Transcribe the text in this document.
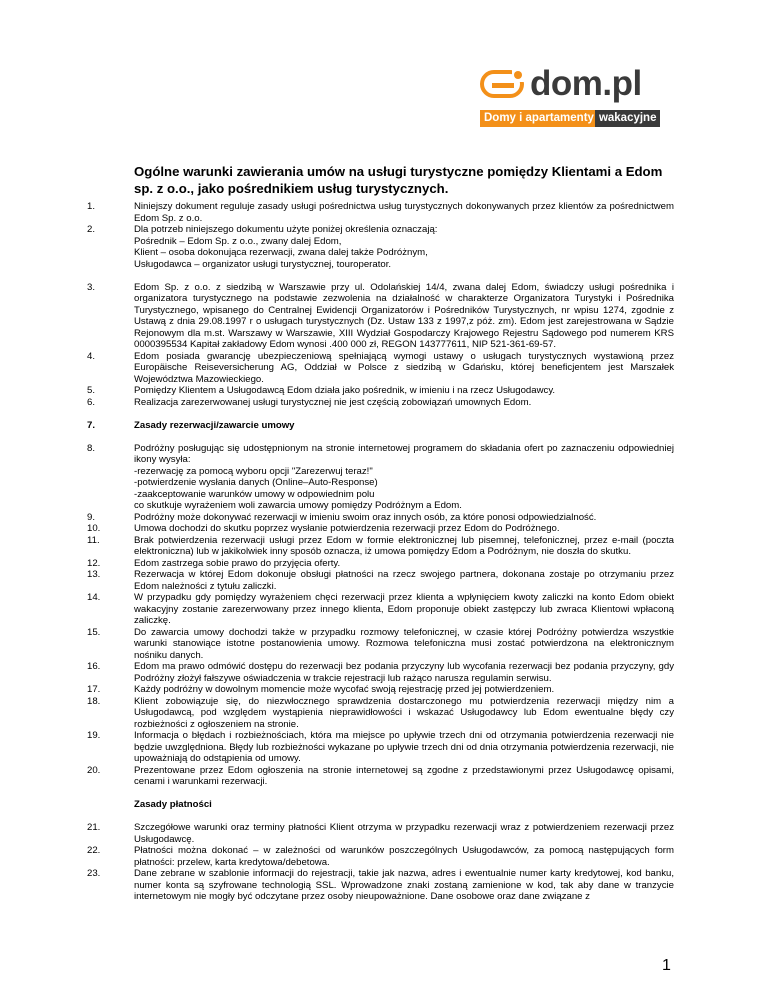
dom.pl
Domy i apartamenty wakacyjne
Ogólne warunki zawierania umów na usługi turystyczne pomiędzy Klientami a Edom sp. z o.o., jako pośrednikiem usług turystycznych.
1.	Niniejszy dokument reguluje zasady usługi pośrednictwa usług turystycznych dokonywanych przez klientów za pośrednictwem Edom Sp. z o.o.
2.	Dla potrzeb niniejszego dokumentu użyte poniżej określenia oznaczają:
Pośrednik – Edom Sp. z o.o., zwany dalej Edom,
Klient – osoba dokonująca rezerwacji, zwana dalej także Podróżnym,
Usługodawca – organizator usługi turystycznej, touroperator.
3.	Edom Sp. z o.o. z siedzibą w Warszawie przy ul. Odolańskiej 14/4, zwana dalej Edom, świadczy usługi pośrednika i organizatora turystycznego na podstawie zezwolenia na działalność w charakterze Organizatora Turystyki i Pośrednika Turystycznego, wpisanego do Centralnej Ewidencji Organizatorów i Pośredników Turystycznych, nr wpisu 1274, zgodnie z Ustawą z dnia 29.08.1997 r o usługach turystycznych (Dz. Ustaw 133 z 1997,z póż. zm). Edom jest zarejestrowana w Sądzie Rejonowym dla m.st. Warszawy w Warszawie, XIII Wydział Gospodarczy Krajowego Rejestru Sądowego pod numerem KRS 0000395534 Kapitał zakładowy Edom wynosi .400 000 zł, REGON 143777611, NIP 521-361-69-57.
4.	Edom posiada gwarancję ubezpieczeniową spełniającą wymogi ustawy o usługach turystycznych wystawioną przez Europäische Reiseversicherung AG, Oddział w Polsce z siedzibą w Gdańsku, której beneficjentem jest Marszałek Województwa Mazowieckiego.
5.	Pomiędzy Klientem a Usługodawcą Edom działa jako pośrednik, w imieniu i na rzecz Usługodawcy.
6.	Realizacja zarezerwowanej usługi turystycznej nie jest częścią zobowiązań umownych Edom.
7.	Zasady rezerwacji/zawarcie umowy
8.	Podróżny posługując się udostępnionym na stronie internetowej programem do składania ofert po zaznaczeniu odpowiedniej ikony wysyła:
-rezerwację za pomocą wyboru opcji "Zarezerwuj teraz!"
-potwierdzenie wysłania danych (Online–Auto-Response)
-zaakceptowanie warunków umowy w odpowiednim polu
co skutkuje wyrażeniem woli zawarcia umowy pomiędzy Podróżnym a Edom.
9.	Podróżny może dokonywać rezerwacji w imieniu swoim oraz innych osób, za które ponosi odpowiedzialność.
10.	Umowa dochodzi do skutku poprzez wysłanie potwierdzenia rezerwacji przez Edom do Podróżnego.
11.	Brak potwierdzenia rezerwacji usługi przez Edom w formie elektronicznej lub pisemnej, telefonicznej, przez e-mail (poczta elektroniczna) lub w jakikolwiek inny sposób oznacza, iż umowa pomiędzy Edom a Podróżnym, nie doszła do skutku.
12.	Edom zastrzega sobie prawo do przyjęcia oferty.
13.	Rezerwacja w której Edom dokonuje obsługi płatności na rzecz swojego partnera, dokonana zostaje po otrzymaniu przez Edom należności z tytułu zaliczki.
14.	W przypadku gdy pomiędzy wyrażeniem chęci rezerwacji przez klienta a wpłynięciem kwoty zaliczki na konto Edom obiekt wakacyjny zostanie zarezerwowany przez innego klienta, Edom proponuje obiekt zastępczy lub zwraca Klientowi wpłaconą zaliczkę.
15.	Do zawarcia umowy dochodzi także w przypadku rozmowy telefonicznej, w czasie której Podróżny potwierdza wszystkie warunki stanowiące istotne postanowienia umowy. Rozmowa telefoniczna musi zostać potwierdzona na elektronicznym nośniku danych.
16.	Edom ma prawo odmówić dostępu do rezerwacji bez podania przyczyny lub wycofania rezerwacji bez podania przyczyny, gdy Podróżny złożył fałszywe oświadczenia w trakcie rejestracji lub rażąco narusza regulamin serwisu.
17.	Każdy podróżny w dowolnym momencie może wycofać swoją rejestrację przed jej potwierdzeniem.
18.	Klient zobowiązuje się, do niezwłocznego sprawdzenia dostarczonego mu potwierdzenia rezerwacji między nim a Usługodawcą, pod względem wystąpienia nieprawidłowości i wskazać Usługodawcy lub Edom ewentualne błędy czy rozbieżności z ogłoszeniem na stronie.
19.	Informacja o błędach i rozbieżnościach, która ma miejsce po upływie trzech dni od otrzymania potwierdzenia rezerwacji nie będzie uwzględniona. Błędy lub rozbieżności wykazane po upływie trzech dni od dnia otrzymania potwierdzenia rezerwacji, nie upoważniają do odstąpienia od umowy.
20.	Prezentowane przez Edom ogłoszenia na stronie internetowej są zgodne z przedstawionymi przez Usługodawcę opisami, cenami i warunkami rezerwacji.
Zasady płatności
21.	Szczegółowe warunki oraz terminy płatności Klient otrzyma w przypadku rezerwacji wraz z potwierdzeniem rezerwacji przez Usługodawcę.
22.	Płatności można dokonać – w zależności od warunków poszczególnych Usługodawców, za pomocą następujących form płatności: przelew, karta kredytowa/debetowa.
23.	Dane zebrane w szablonie informacji do rejestracji, takie jak nazwa, adres i ewentualnie numer karty kredytowej, kod banku, numer konta są szyfrowane technologią SSL. Wprowadzone znaki zostaną zamienione w kod, tak aby dane w tranzycie internetowym nie mogły być odczytane przez osoby nieupoważnione. Dane osobowe oraz dane związane z
1
